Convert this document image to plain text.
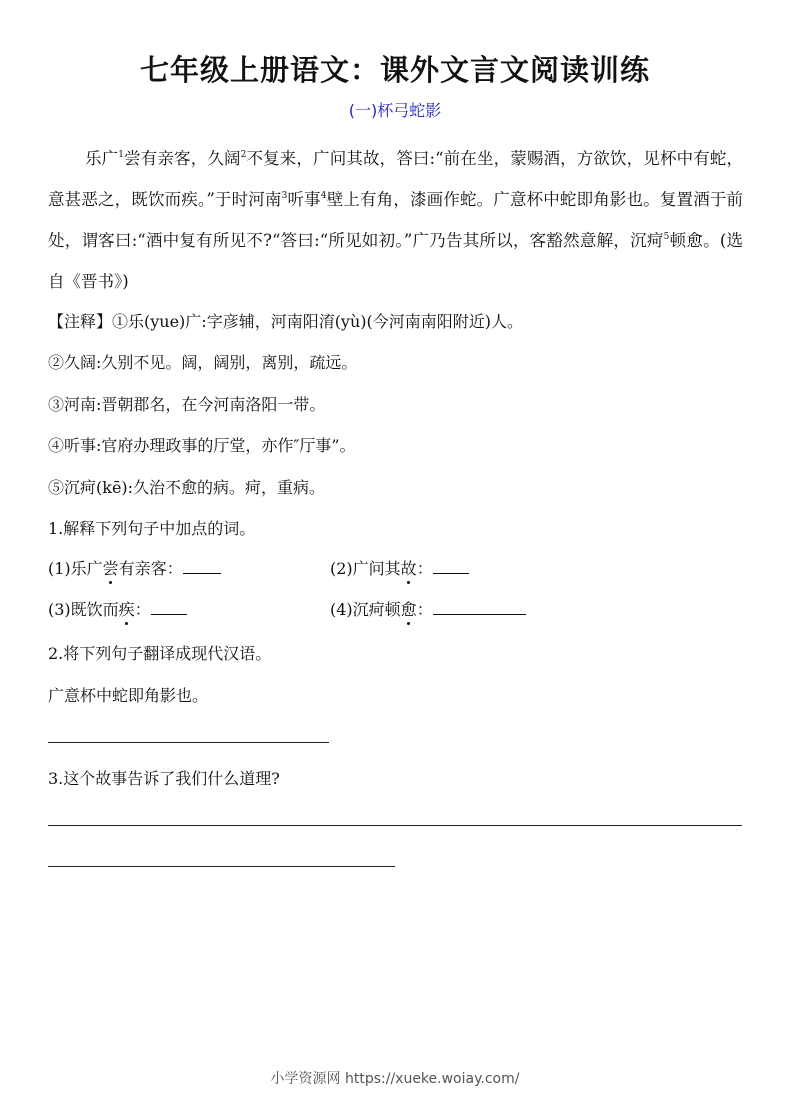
七年级上册语文：课外文言文阅读训练
(一)杯弓蛇影
乐广$^1$尝有亲客，久阔$^2$不复来，广问其故，答曰:“前在坐，蒙赐酒，方欲饮，见杯中有蛇，意甚恶之，既饮而疾。”于时河南$^3$听事$^4$壁上有角，漆画作蛇。广意杯中蛇即角影也。复置酒于前处，谓客曰:“酒中复有所见不?“答曰:“所见如初。”广乃告其所以，客豁然意解，沉疴$^5$顿愈。(选自《晋书》)
【注释】①乐(yue)广:字彦辅，河南阳淯(yù)(今河南南阳附近)人。
②久阔:久别不见。阔，阔别，离别，疏远。
③河南:晋朝郡名，在今河南洛阳一带。
④听事:官府办理政事的厅堂，亦作″厅事”。
⑤沉疴(kē):久治不愈的病。疴，重病。
1.解释下列句子中加点的词。
(1)乐广尝有亲客：	(2)广问其故：
(3)既饮而疾：	(4)沉疴顿愈：
2.将下列句子翻译成现代汉语。
广意杯中蛇即角影也。
3.这个故事告诉了我们什么道理?
小学资源网 https://xueke.woiay.com/
